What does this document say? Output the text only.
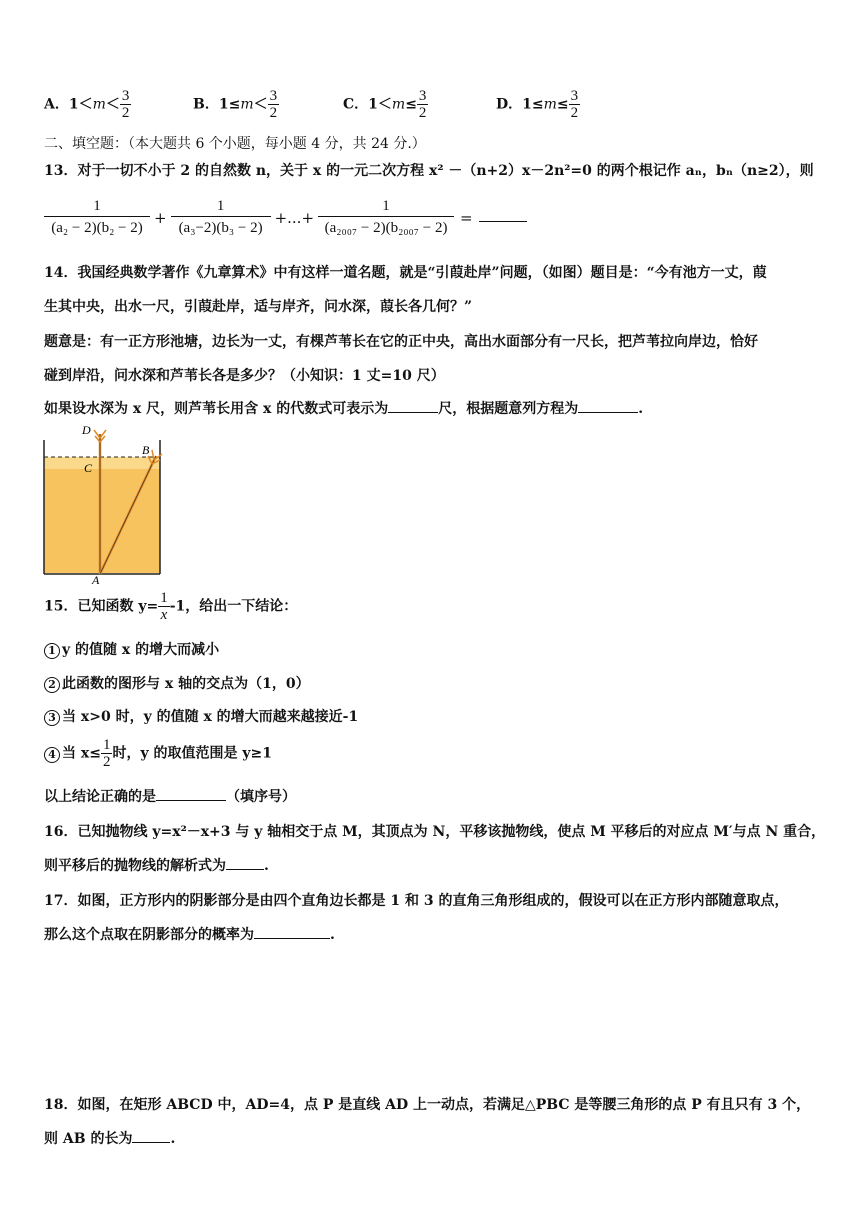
A．$1<m< \frac{3}{2}$	B．$1\le m< \frac{3}{2}$	C．$1<m\le \frac{3}{2}$	D．$1\le m\le \frac{3}{2}$
二、填空题：（本大题共 6 个小题，每小题 4 分，共 24 分.）
13．对于一切不小于 2 的自然数 n，关于 x 的一元二次方程 x² －（n+2）x－2n²=0 的两个根记作 aₙ，bₙ（n≥2），则
$\frac{1}{\text{(a₂ − 2)(b₂ − 2)}} + \frac{1}{\text{(a₃−2)(b₃ − 2)}}$ +...+ $\frac{1}{\text{(a₂₀₀₇ − 2)(b₂₀₀₇ − 2)}}$ =
14．我国经典数学著作《九章算术》中有这样一道名题，就是“引葭赴岸”问题，（如图）题目是：“今有池方一丈，葭
生其中央，出水一尺，引葭赴岸，适与岸齐，问水深，葭长各几何？”
题意是：有一正方形池塘，边长为一丈，有棵芦苇长在它的正中央，高出水面部分有一尺长，把芦苇拉向岸边，恰好
碰到岸沿，问水深和芦苇长各是多少？（小知识：1 丈=10 尺）
如果设水深为 x 尺，则芦苇长用含 x 的代数式可表示为	尺，根据题意列方程为	.
D
C
B
A
15．已知函数 $y= \frac{1}{x} -1$，给出一下结论：
1 y 的值随 x 的增大而减小
2 此函数的图形与 x 轴的交点为（1，0）
3 当 x>0 时，y 的值随 x 的增大而越来越接近-1
4 当 $x\le \frac{1}{2}$ 时，y 的取值范围是 y≥1
以上结论正确的是	（填序号）
16．已知抛物线 y=x²－x+3 与 y 轴相交于点 M，其顶点为 N，平移该抛物线，使点 M 平移后的对应点 M′与点 N 重合，
则平移后的抛物线的解析式为	.
17．如图，正方形内的阴影部分是由四个直角边长都是 1 和 3 的直角三角形组成的，假设可以在正方形内部随意取点，
那么这个点取在阴影部分的概率为	.
18．如图，在矩形 ABCD 中，AD=4，点 P 是直线 AD 上一动点，若满足△PBC 是等腰三角形的点 P 有且只有 3 个，
则 AB 的长为	.
